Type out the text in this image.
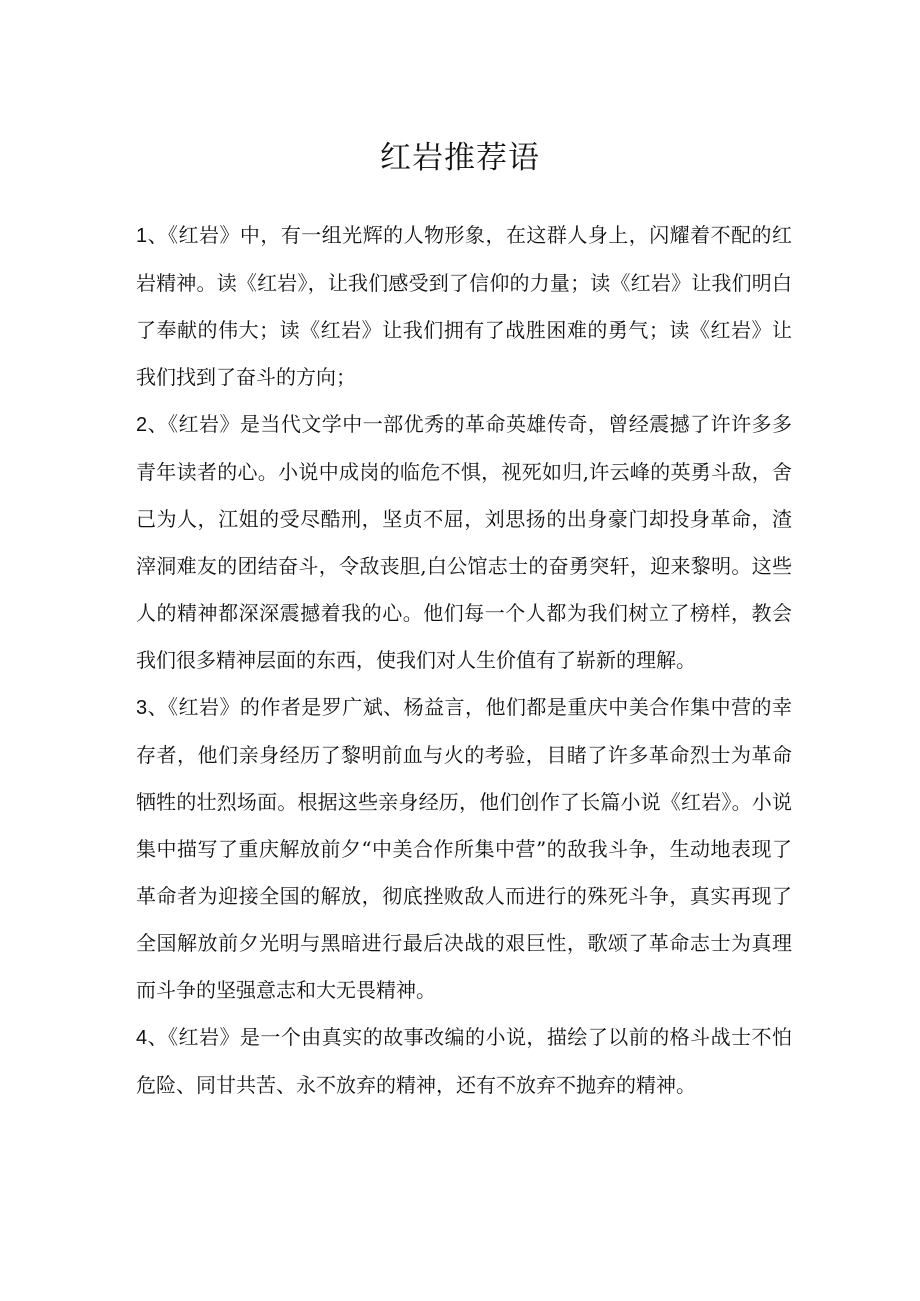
红岩推荐语

1、《红岩》中，有一组光辉的人物形象，在这群人身上，闪耀着不配的红岩精神。读《红岩》，让我们感受到了信仰的力量；读《红岩》让我们明白了奉献的伟大；读《红岩》让我们拥有了战胜困难的勇气；读《红岩》让我们找到了奋斗的方向；

2、《红岩》是当代文学中一部优秀的革命英雄传奇，曾经震撼了许许多多青年读者的心。小说中成岗的临危不惧，视死如归,许云峰的英勇斗敌，舍己为人，江姐的受尽酷刑，坚贞不屈，刘思扬的出身豪门却投身革命，渣滓洞难友的团结奋斗，令敌丧胆,白公馆志士的奋勇突轩，迎来黎明。这些人的精神都深深震撼着我的心。他们每一个人都为我们树立了榜样，教会我们很多精神层面的东西，使我们对人生价值有了崭新的理解。

3、《红岩》的作者是罗广斌、杨益言，他们都是重庆中美合作集中营的幸存者，他们亲身经历了黎明前血与火的考验，目睹了许多革命烈士为革命牺牲的壮烈场面。根据这些亲身经历，他们创作了长篇小说《红岩》。小说集中描写了重庆解放前夕“中美合作所集中营”的敌我斗争，生动地表现了革命者为迎接全国的解放，彻底挫败敌人而进行的殊死斗争，真实再现了全国解放前夕光明与黑暗进行最后决战的艰巨性，歌颂了革命志士为真理而斗争的坚强意志和大无畏精神。

4、《红岩》是一个由真实的故事改编的小说，描绘了以前的格斗战士不怕危险、同甘共苦、永不放弃的精神，还有不放弃不抛弃的精神。
